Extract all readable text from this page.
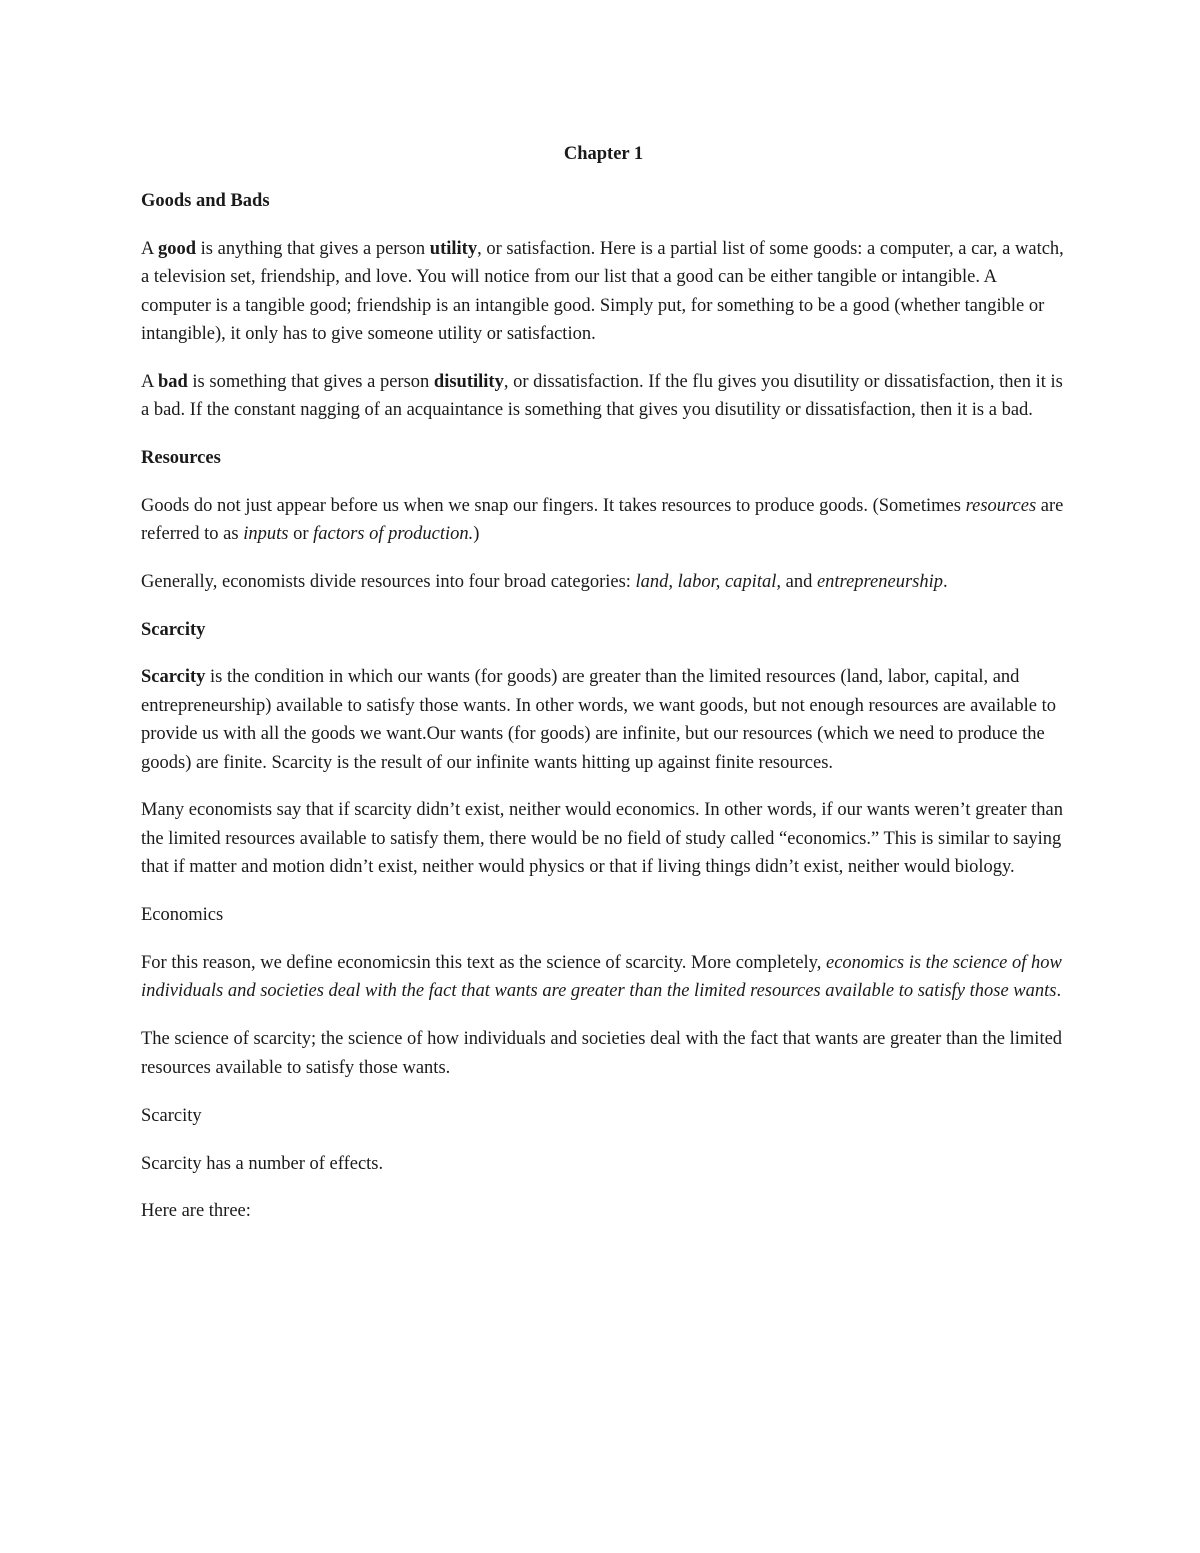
Chapter 1
Goods and Bads

A good is anything that gives a person utility, or satisfaction. Here is a partial list of some goods: a computer, a car, a watch, a television set, friendship, and love. You will notice from our list that a good can be either tangible or intangible. A computer is a tangible good; friendship is an intangible good. Simply put, for something to be a good (whether tangible or intangible), it only has to give someone utility or satisfaction.

A bad is something that gives a person disutility, or dissatisfaction. If the flu gives you disutility or dissatisfaction, then it is a bad. If the constant nagging of an acquaintance is something that gives you disutility or dissatisfaction, then it is a bad.

Resources

Goods do not just appear before us when we snap our fingers. It takes resources to produce goods. (Sometimes resources are referred to as inputs or factors of production.)

Generally, economists divide resources into four broad categories: land, labor, capital, and entrepreneurship.

Scarcity

Scarcity is the condition in which our wants (for goods) are greater than the limited resources (land, labor, capital, and entrepreneurship) available to satisfy those wants. In other words, we want goods, but not enough resources are available to provide us with all the goods we want.Our wants (for goods) are infinite, but our resources (which we need to produce the goods) are finite. Scarcity is the result of our infinite wants hitting up against finite resources.

Many economists say that if scarcity didn’t exist, neither would economics. In other words, if our wants weren’t greater than the limited resources available to satisfy them, there would be no field of study called “economics.” This is similar to saying that if matter and motion didn’t exist, neither would physics or that if living things didn’t exist, neither would biology.

Economics

For this reason, we define economicsin this text as the science of scarcity. More completely, economics is the science of how individuals and societies deal with the fact that wants are greater than the limited resources available to satisfy those wants.

The science of scarcity; the science of how individuals and societies deal with the fact that wants are greater than the limited resources available to satisfy those wants.

Scarcity

Scarcity has a number of effects.

Here are three:
